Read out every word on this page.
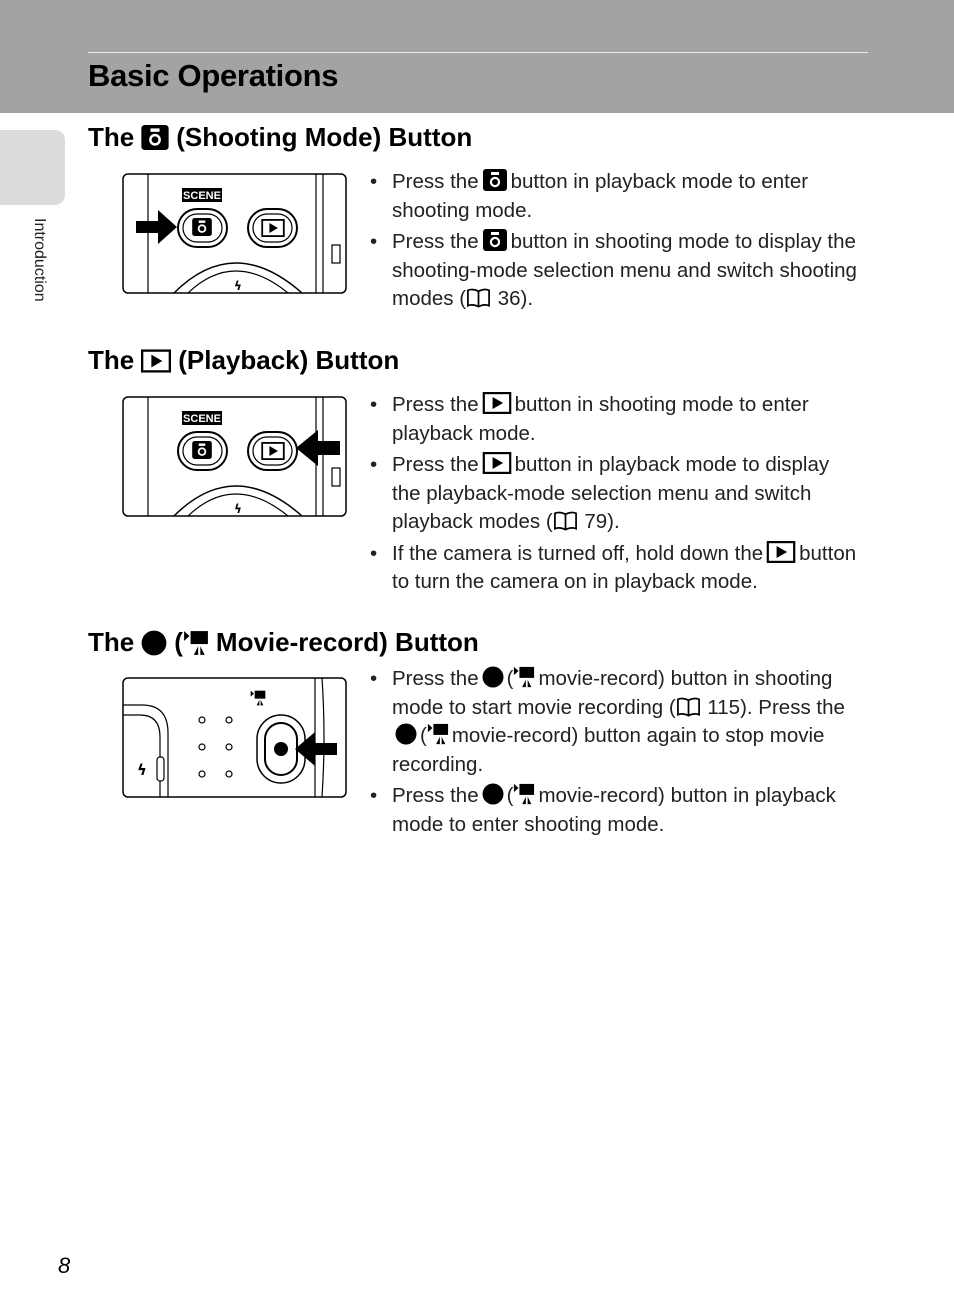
Basic Operations
Introduction
The (Shooting Mode) Button
SCENE
ϟ
• Press the button in playback mode to enter shooting mode.
• Press the button in shooting mode to display the shooting-mode selection menu and switch shooting modes ( 36).
The (Playback) Button
SCENE
ϟ
• Press the button in shooting mode to enter playback mode.
• Press the button in playback mode to display the playback-mode selection menu and switch playback modes ( 79).
• If the camera is turned off, hold down the button to turn the camera on in playback mode.
The ( Movie-record) Button
ϟ
• Press the ( movie-record) button in shooting mode to start movie recording ( 115). Press the( movie-record) button again to stop movie recording.
• Press the ( movie-record) button in playback mode to enter shooting mode.
8
